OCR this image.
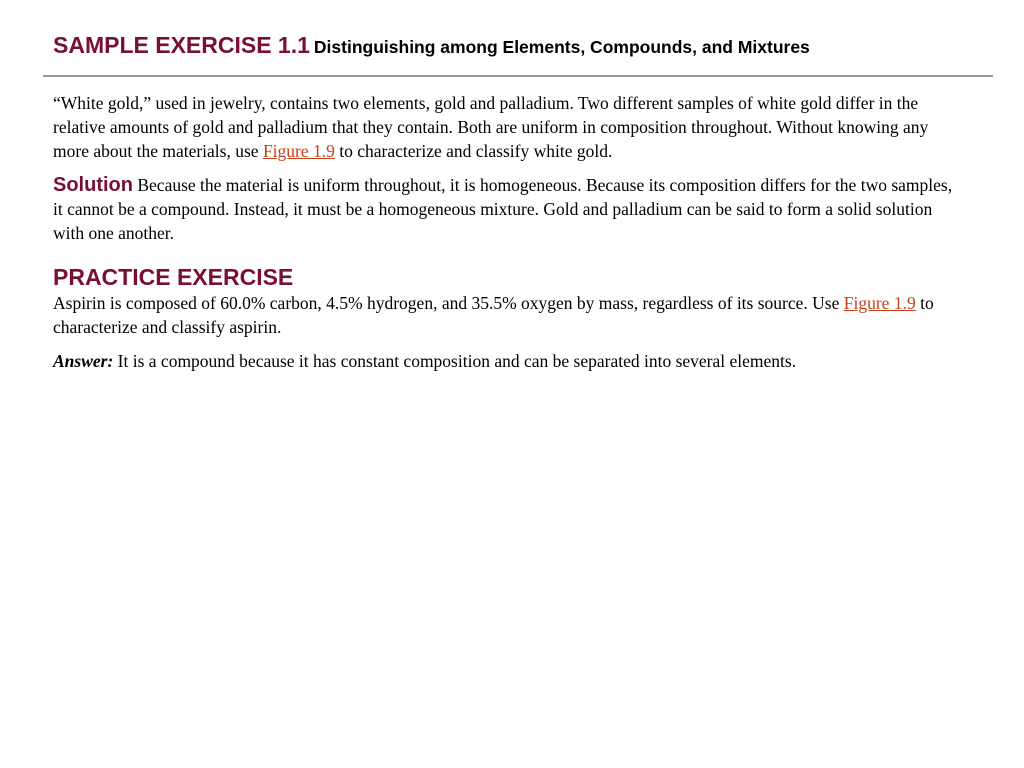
SAMPLE EXERCISE 1.1 Distinguishing among Elements, Compounds, and Mixtures

“White gold,” used in jewelry, contains two elements, gold and palladium. Two different samples of white gold differ in the relative amounts of gold and palladium that they contain. Both are uniform in composition throughout. Without knowing any more about the materials, use Figure 1.9 to characterize and classify white gold.

Solution Because the material is uniform throughout, it is homogeneous. Because its composition differs for the two samples, it cannot be a compound. Instead, it must be a homogeneous mixture. Gold and palladium can be said to form a solid solution with one another.

PRACTICE EXERCISE

Aspirin is composed of 60.0% carbon, 4.5% hydrogen, and 35.5% oxygen by mass, regardless of its source. Use Figure 1.9 to characterize and classify aspirin.

Answer: It is a compound because it has constant composition and can be separated into several elements.
